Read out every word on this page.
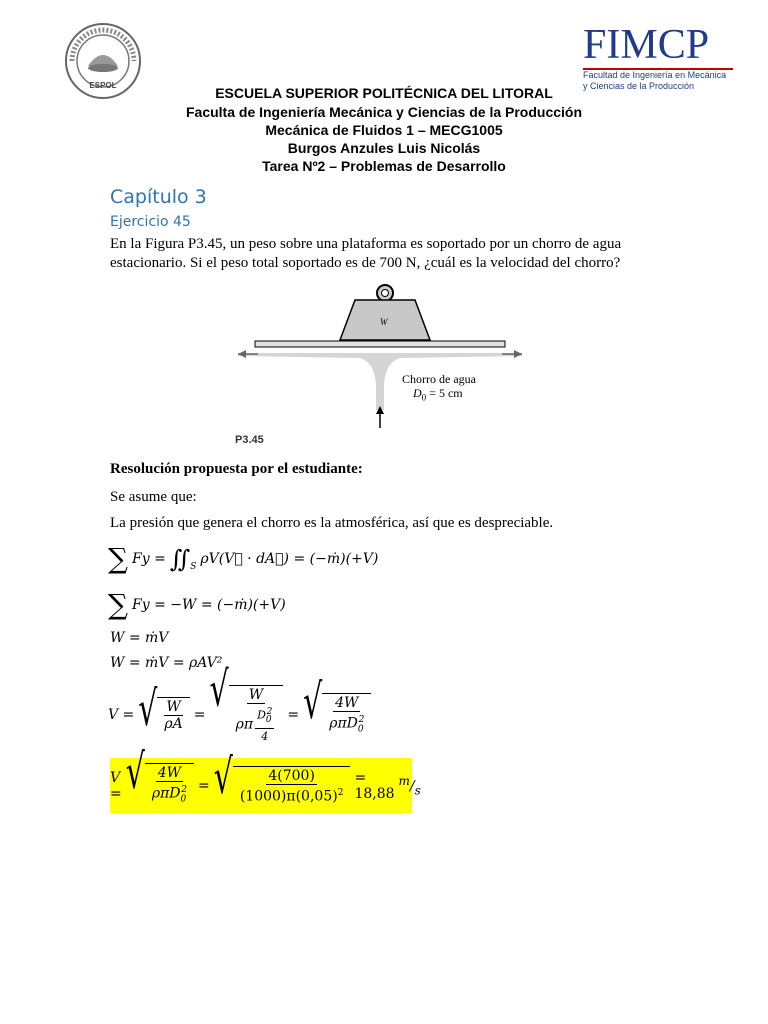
ESPOL
FIMCP
Facultad de Ingeniería en Mecánica
y Ciencias de la Producción
ESCUELA SUPERIOR POLITÉCNICA DEL LITORAL
Faculta de Ingeniería Mecánica y Ciencias de la Producción
Mecánica de Fluidos 1 – MECG1005
Burgos Anzules Luis Nicolás
Tarea Nº2 – Problemas de Desarrollo
Capítulo 3
Ejercicio 45
En la Figura P3.45, un peso sobre una plataforma es soportado por un chorro de agua
estacionario. Si el peso total soportado es de 700 N, ¿cuál es la velocidad del chorro?
W
Chorro de agua
$D_0 = 5$ cm
P3.45
Resolución propuesta por el estudiante:
Se asume que:
La presión que genera el chorro es la atmosférica, así que es despreciable.
∑ $Fy = ∬_S$ ρV(V⃗ · dA⃗) = (−ṁ)(+V)
∑ Fy = −W = (−ṁ)(+V)
W = ṁV
W = ṁV = ρAV²
V = √ $\frac{W}{\rho A}$ = √ $\frac{W}{\rho\pi \frac{D_0^2}{4}}$ = √ $\frac{4W}{\rho\pi D_0^2}$
V = √ $\frac{4W}{\rho\pi D_0^2}$ = √ $\frac{4(700)}{(1000)\pi(0,05)^2} = 18,88$
$^m/_s$
